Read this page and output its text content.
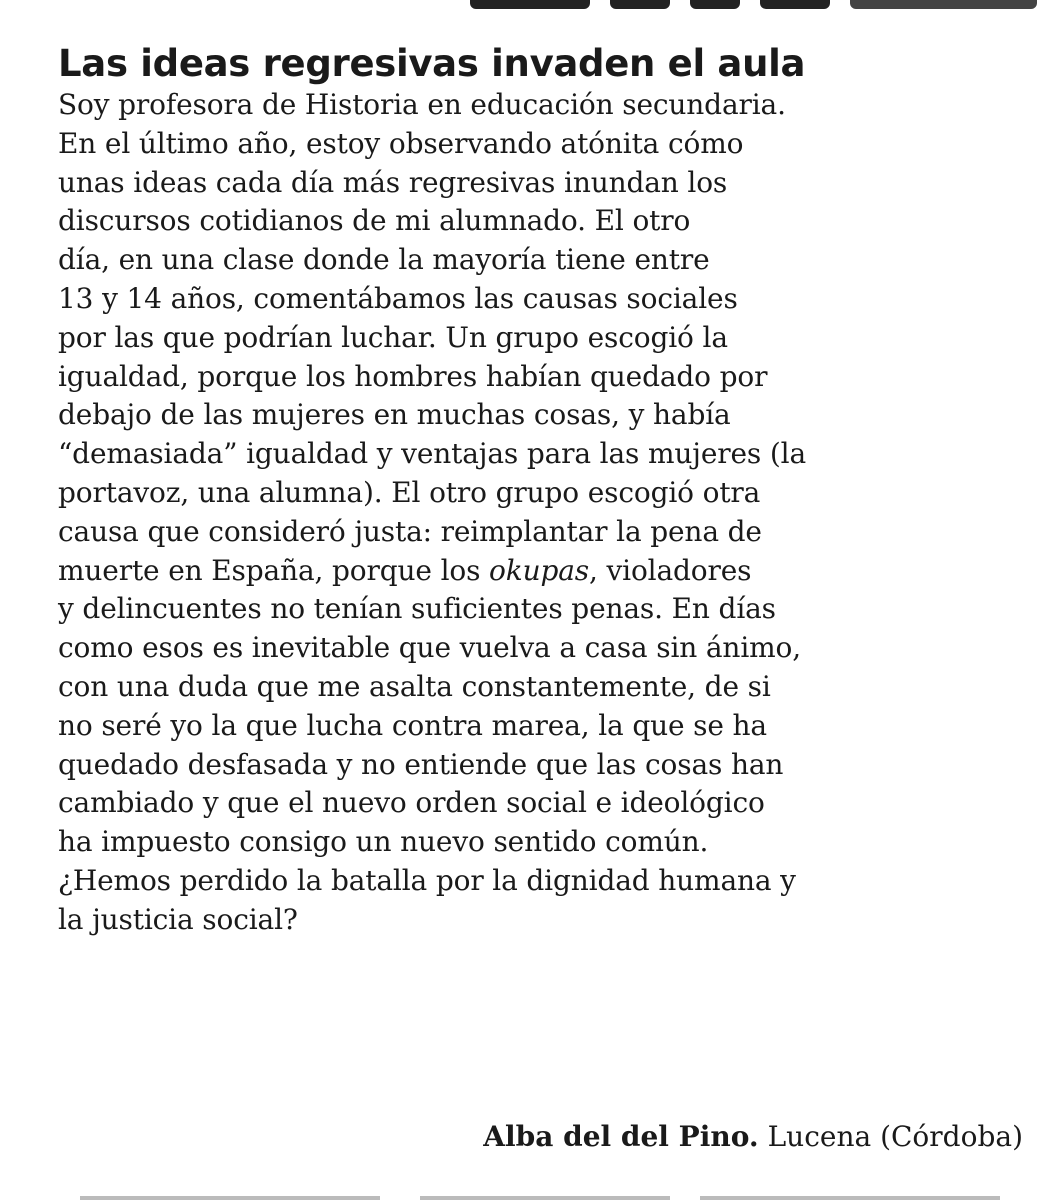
Las ideas regresivas invaden el aula
Soy profesora de Historia en educación secundaria.
En el último año, estoy observando atónita cómo
unas ideas cada día más regresivas inundan los
discursos cotidianos de mi alumnado. El otro
día, en una clase donde la mayoría tiene entre
13 y 14 años, comentábamos las causas sociales
por las que podrían luchar. Un grupo escogió la
igualdad, porque los hombres habían quedado por
debajo de las mujeres en muchas cosas, y había
“demasiada” igualdad y ventajas para las mujeres (la
portavoz, una alumna). El otro grupo escogió otra
causa que consideró justa: reimplantar la pena de
muerte en España, porque los okupas, violadores
y delincuentes no tenían suficientes penas. En días
como esos es inevitable que vuelva a casa sin ánimo,
con una duda que me asalta constantemente, de si
no seré yo la que lucha contra marea, la que se ha
quedado desfasada y no entiende que las cosas han
cambiado y que el nuevo orden social e ideológico
ha impuesto consigo un nuevo sentido común.
¿Hemos perdido la batalla por la dignidad humana y
la justicia social?
Alba del del Pino. Lucena (Córdoba)
